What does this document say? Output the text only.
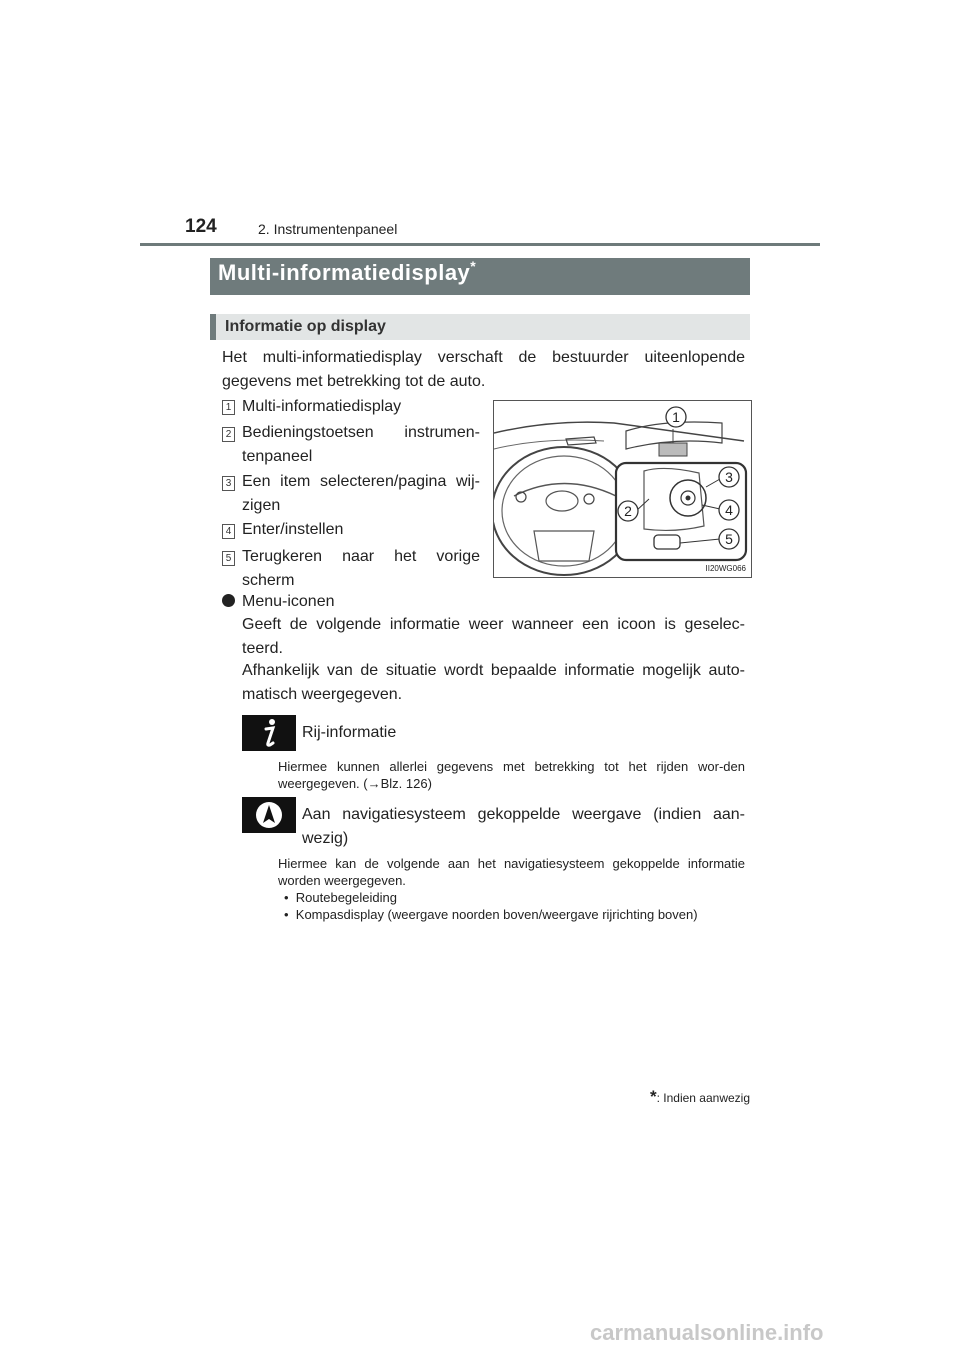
124	2. Instrumentenpaneel
Multi-informatiedisplay*
Informatie op display
Het multi-informatiedisplay verschaft de bestuurder uiteenlopende gegevens met betrekking tot de auto.
1 Multi-informatiedisplay
2 Bedieningstoetsen instrumen-tenpaneel
3 Een item selecteren/pagina wij-zigen
4 Enter/instellen
5 Terugkeren naar het vorige scherm
1
2
3
4
5
II20WG066
Menu-iconen
Geeft de volgende informatie weer wanneer een icoon is geselec-teerd.
Afhankelijk van de situatie wordt bepaalde informatie mogelijk auto-matisch weergegeven.
Rij-informatie
Hiermee kunnen allerlei gegevens met betrekking tot het rijden wor-den weergegeven. (→Blz. 126)
Aan navigatiesysteem gekoppelde weergave (indien aan-wezig)
Hiermee kan de volgende aan het navigatiesysteem gekoppelde informatie worden weergegeven.
•  Routebegeleiding
•  Kompasdisplay (weergave noorden boven/weergave rijrichting boven)
*: Indien aanwezig
carmanualsonline.info
